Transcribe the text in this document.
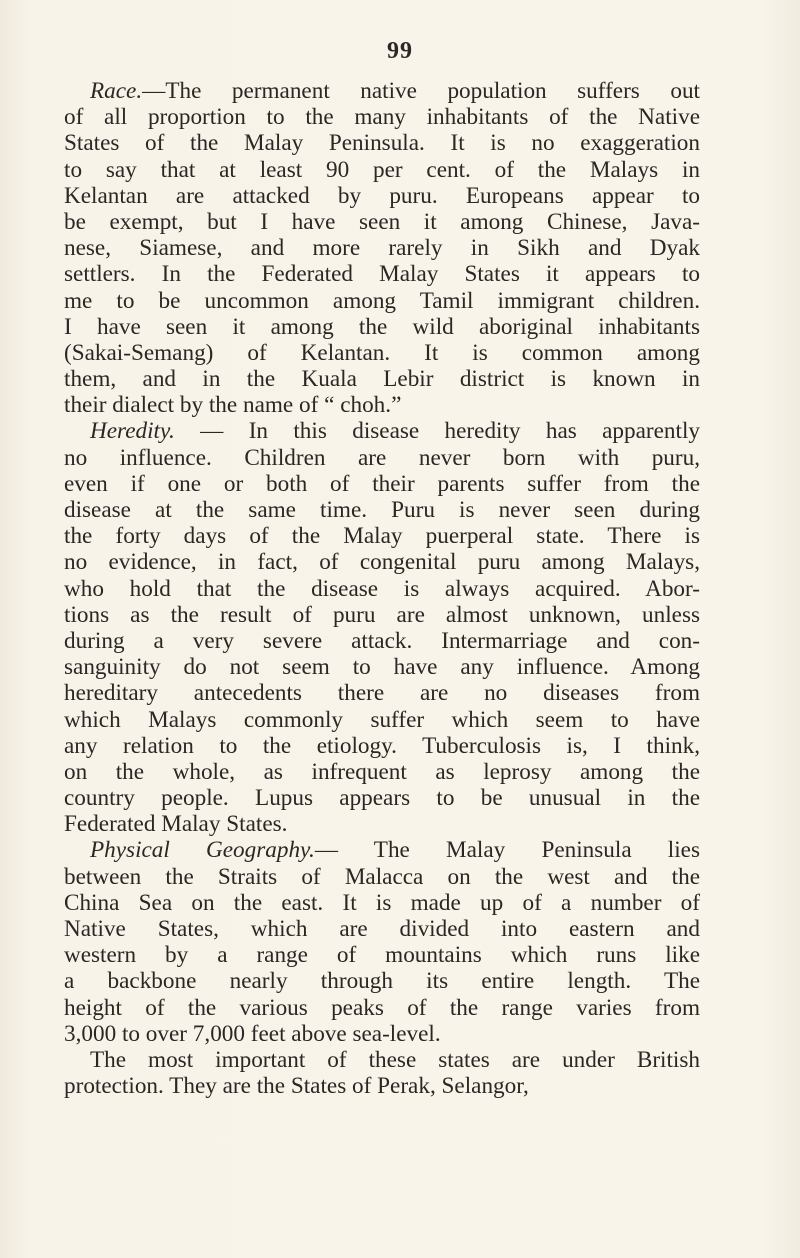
99
Race.—The permanent native population suffers out
of all proportion to the many inhabitants of the Native
States of the Malay Peninsula. It is no exaggeration
to say that at least 90 per cent. of the Malays in
Kelantan are attacked by puru. Europeans appear to
be exempt, but I have seen it among Chinese, Java-
nese, Siamese, and more rarely in Sikh and Dyak
settlers. In the Federated Malay States it appears to
me to be uncommon among Tamil immigrant children.
I have seen it among the wild aboriginal inhabitants
(Sakai-Semang) of Kelantan. It is common among
them, and in the Kuala Lebir district is known in
their dialect by the name of “ choh.”
Heredity. — In this disease heredity has apparently
no influence. Children are never born with puru,
even if one or both of their parents suffer from the
disease at the same time. Puru is never seen during
the forty days of the Malay puerperal state. There is
no evidence, in fact, of congenital puru among Malays,
who hold that the disease is always acquired. Abor-
tions as the result of puru are almost unknown, unless
during a very severe attack. Intermarriage and con-
sanguinity do not seem to have any influence. Among
hereditary antecedents there are no diseases from
which Malays commonly suffer which seem to have
any relation to the etiology. Tuberculosis is, I think,
on the whole, as infrequent as leprosy among the
country people. Lupus appears to be unusual in the
Federated Malay States.
Physical Geography.— The Malay Peninsula lies
between the Straits of Malacca on the west and the
China Sea on the east. It is made up of a number of
Native States, which are divided into eastern and
western by a range of mountains which runs like
a backbone nearly through its entire length. The
height of the various peaks of the range varies from
3,000 to over 7,000 feet above sea-level.
The most important of these states are under British
protection. They are the States of Perak, Selangor,
